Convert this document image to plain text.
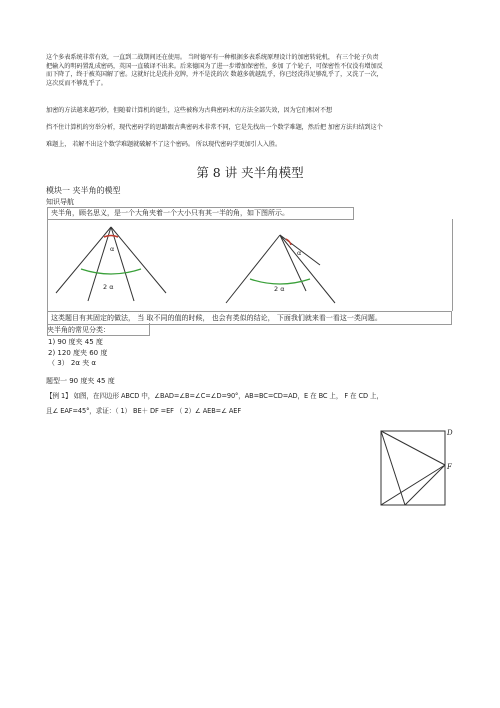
这个多表系统非常有效，一直到二战期间还在使用。 当时德军有一种根据多表系统原理设计的加密转轮机， 有三个轮子负责
把输入的明码置乱成密码，英国一直破译不出来。后来德国为了进一步增加保密性，多加 了个轮子，可保密性不仅没有增加反
而下降了，终于被英国解了密。这就好比是洗扑克牌，并不是洗的次 数越多就越乱乎，你已经洗得足够乱乎了，又洗了一次，
这次反而不够乱乎了。
加密的方法越来越巧妙，但随着计算机的诞生，这些被称为古典密码术的方法全部失效，因为它们相对不想
挡不住计算机的穷举分析，现代密码学的思路跟古典密码术非常不同，它是先找出一个数学难题，然后把 加密方法归结到这个
难题上， 若解不出这个数学难题就破解不了这个密码。 所以现代密码学更加引人入胜。
第 8 讲 夹半角模型
模块一 夹半角的模型
知识导航
夹半角，顾名思义，是一个大角夹着一个大小只有其一半的角，如下图所示。
α
2 α
α
2 α
这类题目有其固定的做法， 当 取不同的值的时候， 也会有类似的结论， 下面我们就来看一看这一类问题。
夹半角的常见分类：
1) 90 度夹 45 度
2) 120 度夹 60 度
（ 3） 2α 夹 α
题型一 90 度夹 45 度
【例 1】 如图，在四边形 ABCD 中，∠BAD=∠B=∠C=∠D=90°，AB=BC=CD=AD，E 在 BC 上， F 在 CD 上，
且∠ EAF=45°，求证：（ 1） BE＋ DF =EF （ 2）∠ AEB=∠ AEF
D
F
